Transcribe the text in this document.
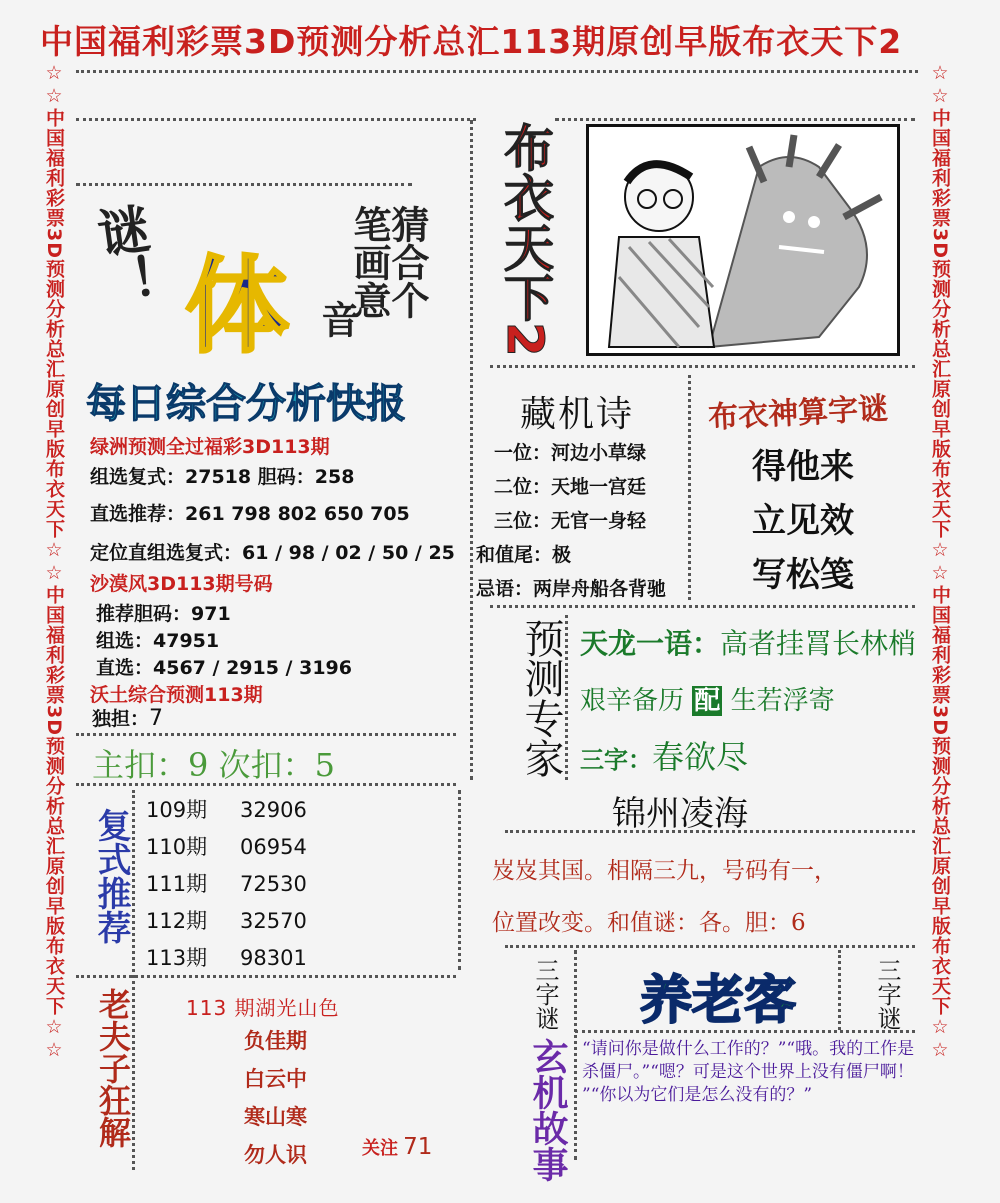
中国福利彩票3D预测分析总汇113期原创早版布衣天下2
☆☆中国福利彩票3D预测分析总汇原创早版布衣天下☆☆中国福利彩票3D预测分析总汇原创早版布衣天下☆☆	☆☆中国福利彩票3D预测分析总汇原创早版布衣天下☆☆中国福利彩票3D预测分析总汇原创早版布衣天下☆☆
谜！ 体	猜合个
笔画意
音	布衣天下2
每日综合分析快报
绿洲预测全过福彩3D113期
组选复式：27518 胆码：258
直选推荐：261 798 802 650 705
定位直组选复式：61 / 98 / 02 / 50 / 25
沙漠风3D113期号码
推荐胆码：971
组选：47951
直选：4567 / 2915 / 3196
沃土综合预测113期
独担：7
主扣：9 次扣：5
藏机诗
一位：河边小草绿
二位：天地一宫廷
三位：无官一身轻
和值尾：极
忌语：两岸舟船各背驰
布衣神算字谜
得他来
立见效
写松笺
预测专家 天龙一语：高者挂罥长林梢
艰辛备历 配 生若浮寄
三字：春欲尽
锦州凌海
岌岌其国。相隔三九，号码有一，
位置改变。和值谜：各。胆：6
复式推荐 109期 32906
110期 06954
111期 72530
112期 32570
113期 98301
老夫子狂解	113 期湖光山色
负佳期
白云中
寒山寒
勿人识	关注 71
三字谜	三字谜
养老客
玄机故事 “请问你是做什么工作的？”“哦。我的工作是杀僵尸。”“嗯？可是这个世界上没有僵尸啊！ ”“你以为它们是怎么没有的？”
